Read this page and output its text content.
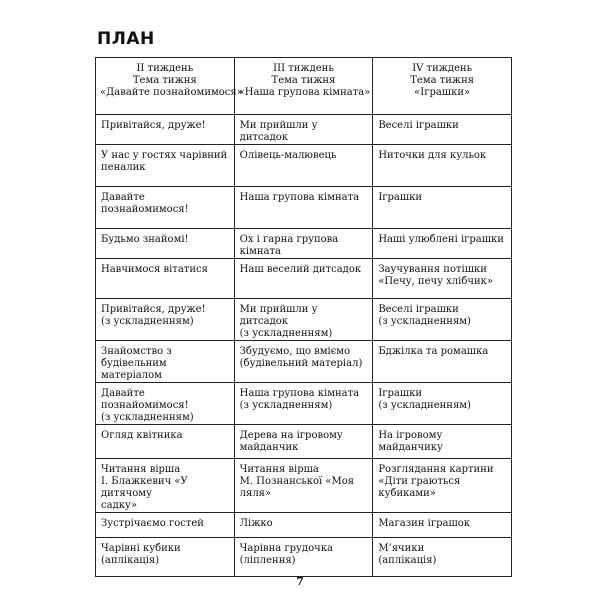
ПЛАН
ІІ тиждень
Тема тижня
«Давайте познайомимося»	ІІІ тиждень
Тема тижня
«Наша групова кімната»	ІV тиждень
Тема тижня
«Іграшки»

Привітайся, друже!	Ми прийшли у дитсадок	Веселі іграшки

У нас у гостях чарівний
пеналик	Олівець-малювець	Ниточки для кульок

Давайте познайомимося!	Наша групова кімната	Іграшки

Будьмо знайомі!	Ох і гарна групова кімната	Наші улюблені іграшки

Навчимося вітатися	Наш веселий дитсадок	Заучування потішки
«Печу, печу хлібчик»

Привітайся, друже!
(з ускладненням)	Ми прийшли у дитсадок
(з ускладненням)	Веселі іграшки
(з ускладненням)

Знайомство з будівельним
матеріалом	Збудуємо, що вміємо
(будівельний матеріал)	Бджілка та ромашка

Давайте познайомимося!
(з ускладненням)	Наша групова кімната
(з ускладненням)	Іграшки
(з ускладненням)

Огляд квітника	Дерева на ігровому
майданчик	На ігровому майданчику

Читання вірша
І. Блажкевич «У дитячому
садку»	Читання вірша
М. Познанської «Моя
ляля»	Розглядання картини
«Діти граються кубиками»

Зустрічаємо гостей	Ліжко	Магазин іграшок

Чарівні кубики
(аплікація)	Чарівна грудочка
(ліплення)	М’ячики
(аплікація)
7
